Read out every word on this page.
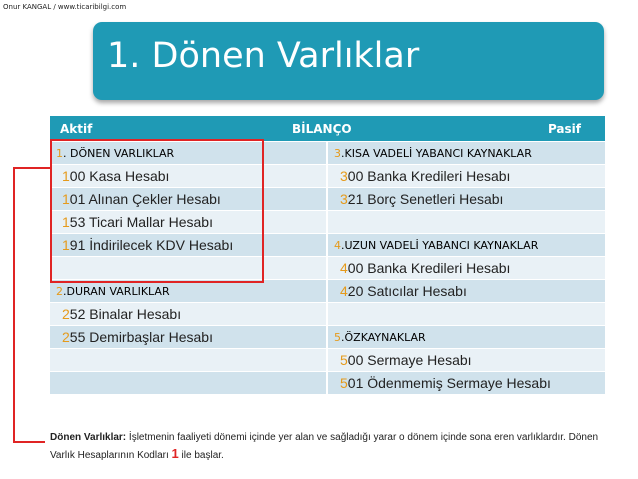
Onur KANGAL / www.ticaribilgi.com
1. Dönen Varlıklar
Aktif BİLANÇO Pasif	

1. DÖNEN VARLIKLAR	3.KISA VADELİ YABANCI KAYNAKLAR
100 Kasa Hesabı	300 Banka Kredileri Hesabı
101 Alınan Çekler Hesabı	321 Borç Senetleri Hesabı
153 Ticari Mallar Hesabı	
191 İndirilecek KDV Hesabı	4.UZUN VADELİ YABANCI KAYNAKLAR
	400 Banka Kredileri Hesabı
2.DURAN VARLIKLAR	420 Satıcılar Hesabı
252 Binalar Hesabı	
255 Demirbaşlar Hesabı	5.ÖZKAYNAKLAR
	500 Sermaye Hesabı
	501 Ödenmemiş Sermaye Hesabı
Dönen Varlıklar: İşletmenin faaliyeti dönemi içinde yer alan ve sağladığı yarar o dönem içinde sona eren varlıklardır. Dönen Varlık Hesaplarının Kodları 1 ile başlar.
